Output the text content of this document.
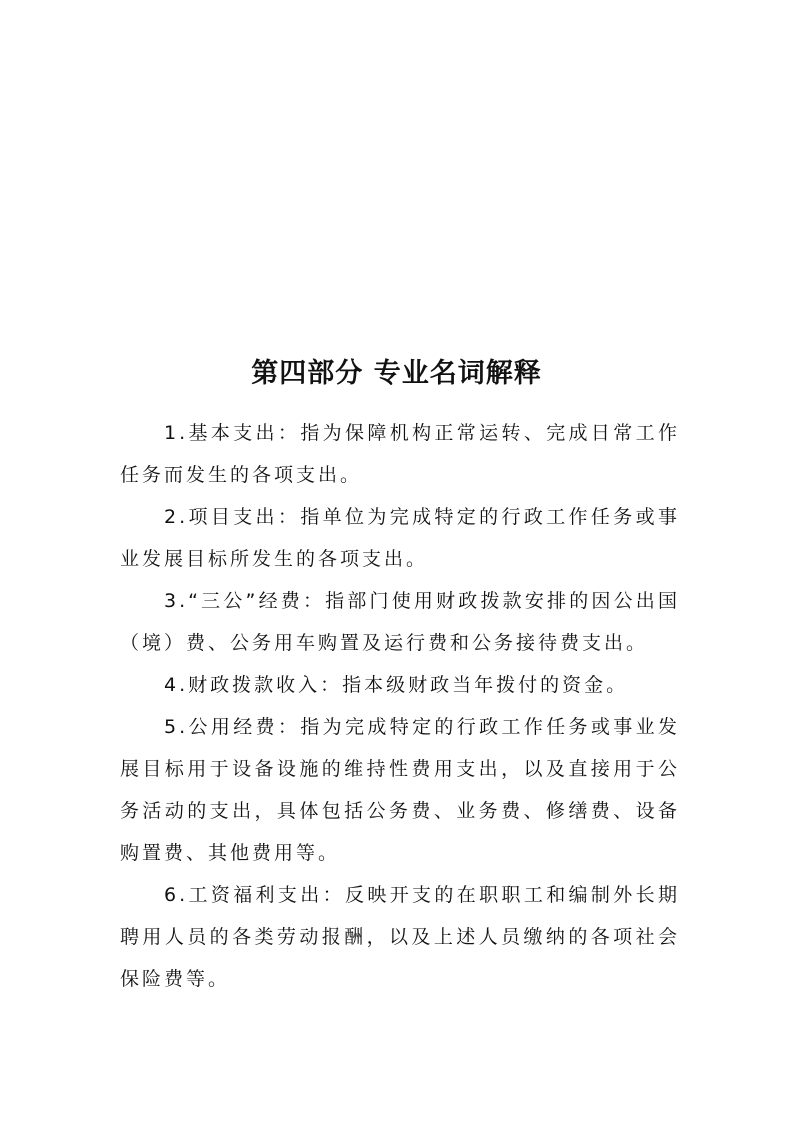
第四部分 专业名词解释

1.基本支出：指为保障机构正常运转、完成日常工作任务而发生的各项支出。

2.项目支出：指单位为完成特定的行政工作任务或事业发展目标所发生的各项支出。

3.“三公”经费：指部门使用财政拨款安排的因公出国（境）费、公务用车购置及运行费和公务接待费支出。

4.财政拨款收入：指本级财政当年拨付的资金。

5.公用经费：指为完成特定的行政工作任务或事业发展目标用于设备设施的维持性费用支出，以及直接用于公务活动的支出，具体包括公务费、业务费、修缮费、设备购置费、其他费用等。

6.工资福利支出：反映开支的在职职工和编制外长期聘用人员的各类劳动报酬，以及上述人员缴纳的各项社会保险费等。
